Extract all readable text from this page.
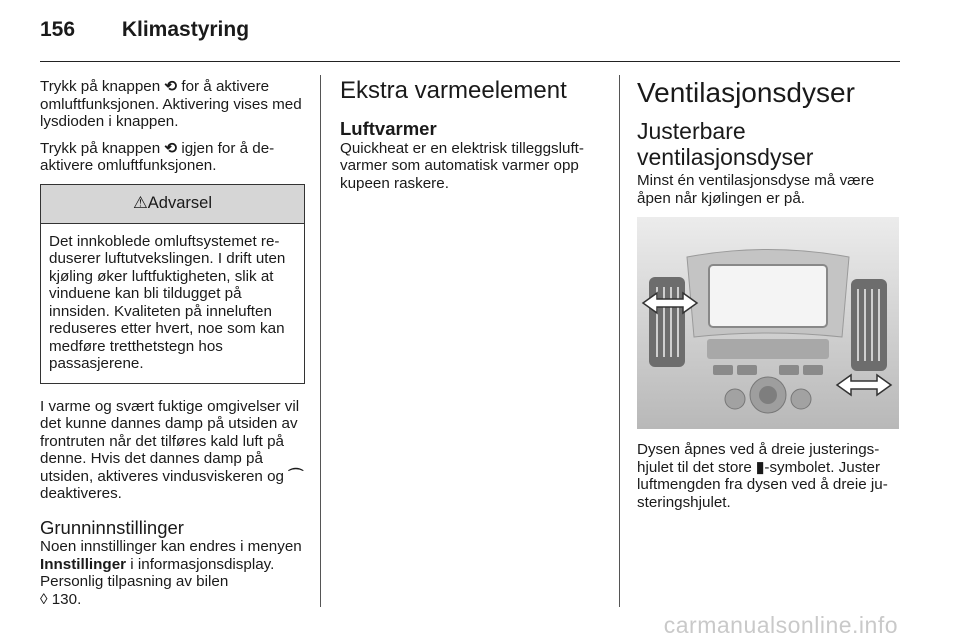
156 Klimastyring

Trykk på knappen ⟲ for å aktivere omluftfunksjonen. Aktivering vises med lysdioden i knappen.

Trykk på knappen ⟲ igjen for å deaktivere omluftfunksjonen.

⚠ Advarsel
Det innkoblede omluftsystemet reduserer luftutvekslingen. I drift uten kjøling øker luftfuktigheten, slik at vinduene kan bli tildugget på innsiden. Kvaliteten på inneluften reduseres etter hvert, noe som kan medføre tretthetstegn hos passasjerene.

I varme og svært fuktige omgivelser vil det kunne dannes damp på utsiden av frontruten når det tilføres kald luft på denne. Hvis det dannes damp på utsiden, aktiveres vindusviskeren og ⌒ deaktiveres.

Grunninnstillinger

Noen innstillinger kan endres i menyen Innstillinger i informasjonsdisplay. Personlig tilpasning av bilen
◊ 130.

Ekstra varmeelement
Luftvarmer

Quickheat er en elektrisk tilleggsluftvarmer som automatisk varmer opp kupeen raskere.

Ventilasjonsdyser
Justerbare ventilasjonsdyser

Minst én ventilasjonsdyse må være åpen når kjølingen er på.

Dysen åpnes ved å dreie justeringshjulet til det store ▮-symbolet. Juster luftmengden fra dysen ved å dreie justeringshjulet.

carmanualsonline.info
